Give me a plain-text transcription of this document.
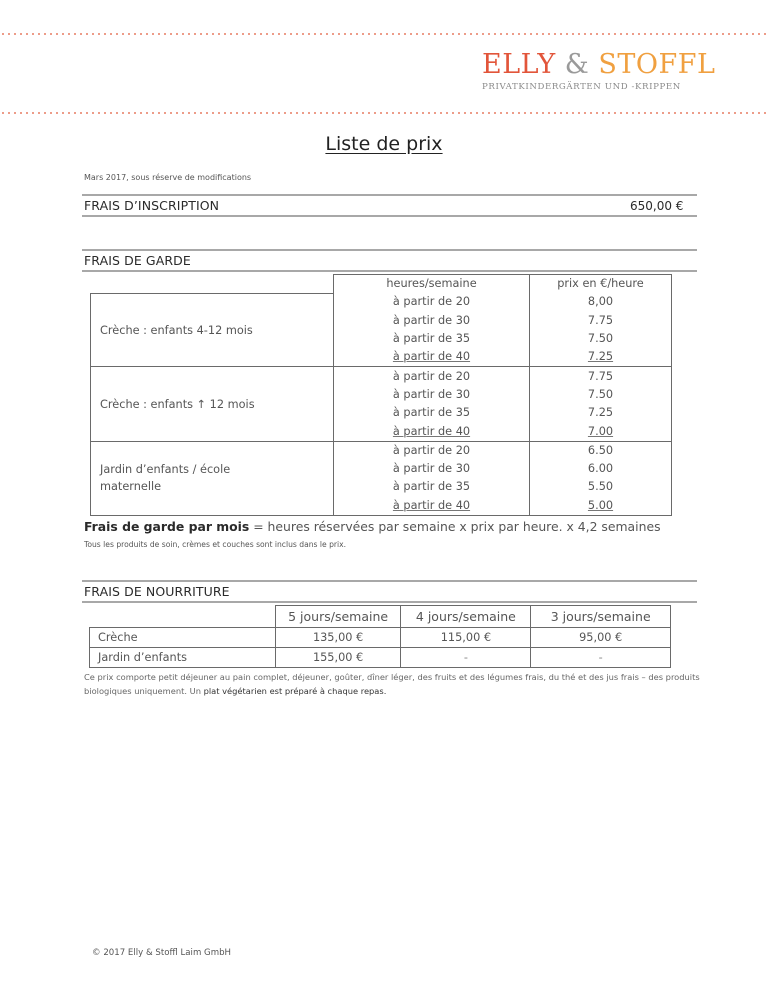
ELLY & STOFFL
PRIVATKINDERGÄRTEN UND -KRIPPEN
Liste de prix
Mars 2017, sous réserve de modifications
FRAIS D’INSCRIPTION	650,00 €
FRAIS DE GARDE
	heures/semaine	prix en €/heure
Crèche : enfants 4-12 mois	à partir de 20	8,00
	à partir de 30	7.75
	à partir de 35	7.50
	à partir de 40	7.25
Crèche : enfants ↑ 12 mois	à partir de 20	7.75
	à partir de 30	7.50
	à partir de 35	7.25
	à partir de 40	7.00
Jardin d’enfants / école maternelle	à partir de 20	6.50
	à partir de 30	6.00
	à partir de 35	5.50
	à partir de 40	5.00
Frais de garde par mois = heures réservées par semaine x prix par heure. x 4,2 semaines
Tous les produits de soin, crèmes et couches sont inclus dans le prix.
FRAIS DE NOURRITURE
	5 jours/semaine	4 jours/semaine	3 jours/semaine
Crèche	135,00 €	115,00 €	95,00 €
Jardin d’enfants	155,00 €	-	-
Ce prix comporte petit déjeuner au pain complet, déjeuner, goûter, dîner léger, des fruits et des légumes frais, du thé et des jus frais – des produits biologiques uniquement. Un plat végétarien est préparé à chaque repas.
© 2017 Elly & Stoffl Laim GmbH
